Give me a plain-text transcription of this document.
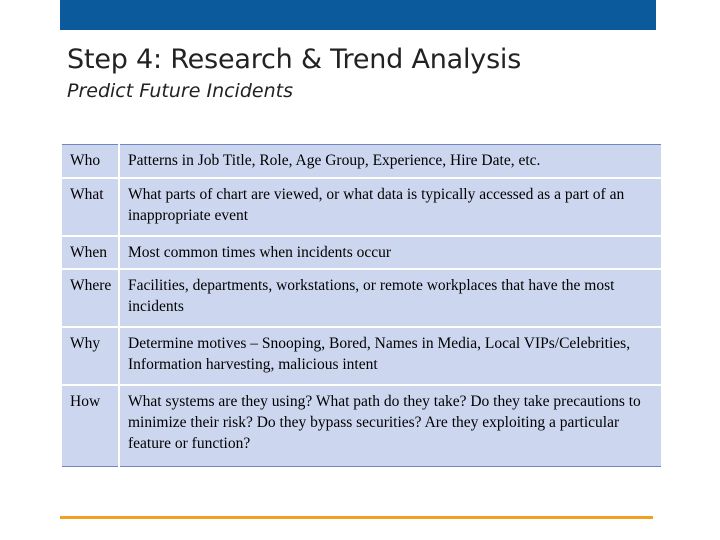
Step 4: Research & Trend Analysis
Predict Future Incidents
Who	Patterns in Job Title, Role, Age Group, Experience, Hire Date, etc.
What	What parts of chart are viewed, or what data is typically accessed as a part of an inappropriate event
When	Most common times when incidents occur
Where	Facilities, departments, workstations, or remote workplaces that have the most incidents
Why	Determine motives – Snooping, Bored, Names in Media, Local VIPs/Celebrities, Information harvesting, malicious intent
How	What systems are they using? What path do they take? Do they take precautions to minimize their risk? Do they bypass securities? Are they exploiting a particular feature or function?
